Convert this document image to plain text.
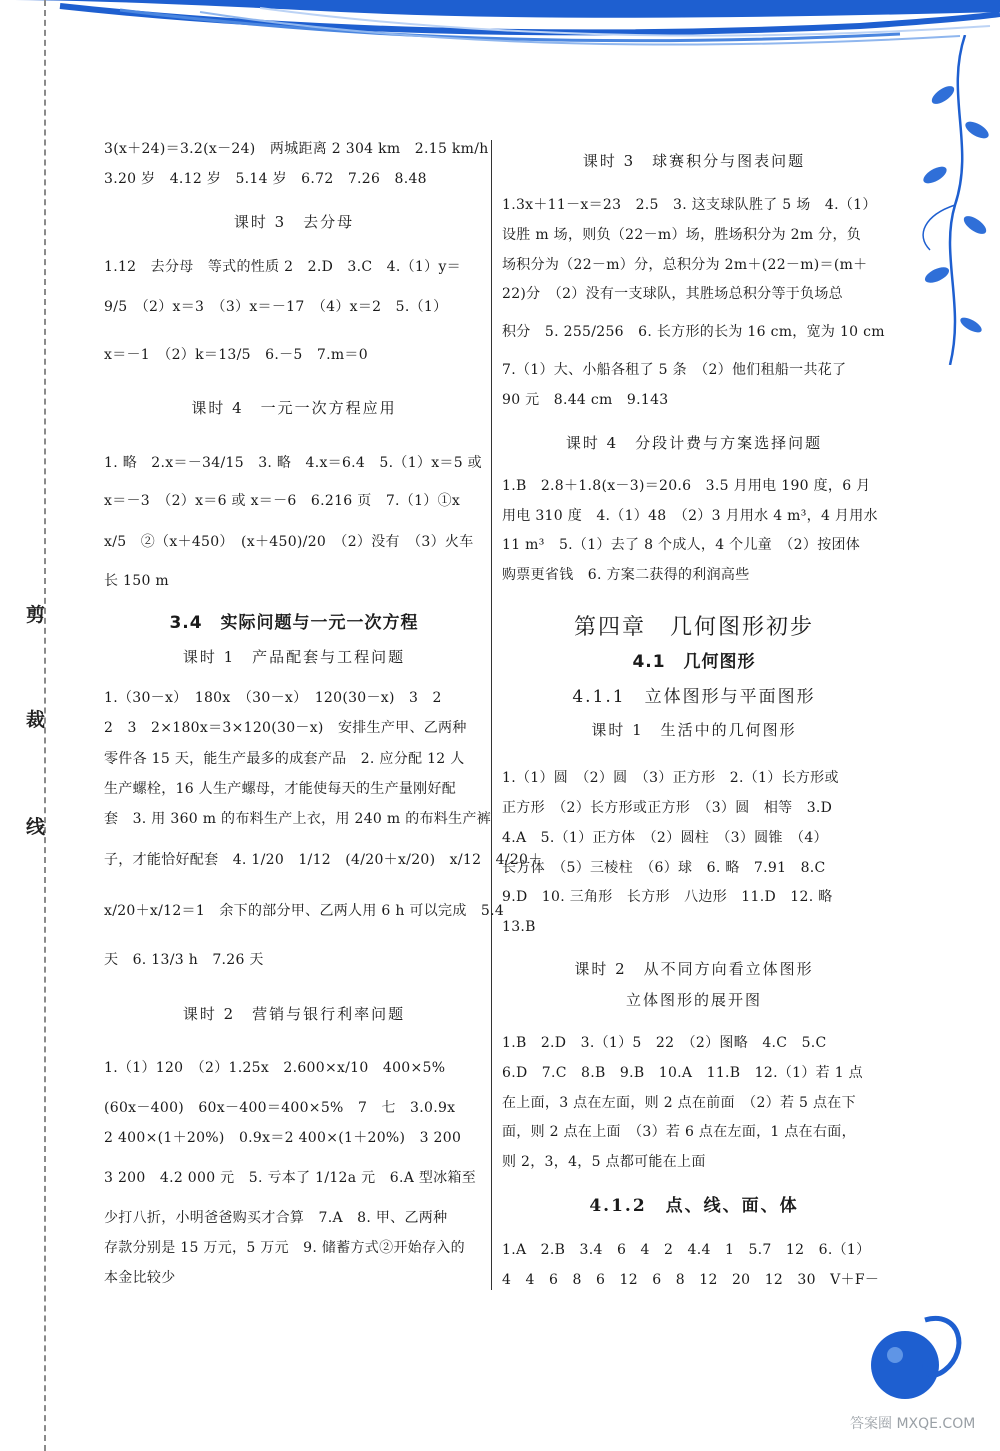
答案圈 MXQE.COM
剪
裁
线
3(x＋24)＝3.2(x－24)　两城距离 2 304 km　2.15 km/h
3.20 岁　4.12 岁　5.14 岁　6.72　7.26　8.48
课时 3　去分母
1.12　去分母　等式的性质 2　2.D　3.C　4.（1）y＝
9/5　（2）x＝3　（3）x＝－17　（4）x＝2　5.（1）
x＝－1　（2）k＝13/5　6.－5　7.m＝0
课时 4　一元一次方程应用
1. 略　2.x＝－34/15　3. 略　4.x＝6.4　5.（1）x＝5 或
x＝－3　（2）x＝6 或 x＝－6　6.216 页　7.（1）①x
x/5　②（x＋450）　(x＋450)/20　（2）没有　（3）火车
长 150 m
3.4　实际问题与一元一次方程
课时 1　产品配套与工程问题
1.（30－x）　180x　（30－x）　120(30－x)　3　2
2　3　2×180x＝3×120(30－x)　安排生产甲、乙两种
零件各 15 天，能生产最多的成套产品　2. 应分配 12 人
生产螺栓，16 人生产螺母，才能使每天的生产量刚好配
套　3. 用 360 m 的布料生产上衣，用 240 m 的布料生产裤
子，才能恰好配套　4. 1/20　1/12　(4/20＋x/20)　x/12　4/20＋
x/20＋x/12＝1　余下的部分甲、乙两人用 6 h 可以完成　5.4
天　6. 13/3 h　7.26 天
课时 2　营销与银行利率问题
1.（1）120　（2）1.25x　2.600×x/10　400×5%
(60x－400)　60x－400＝400×5%　7　七　3.0.9x
2 400×(1＋20%)　0.9x＝2 400×(1＋20%)　3 200
3 200　4.2 000 元　5. 亏本了 1/12a 元　6.A 型冰箱至
少打八折，小明爸爸购买才合算　7.A　8. 甲、乙两种
存款分别是 15 万元，5 万元　9. 储蓄方式②开始存入的
本金比较少
课时 3　球赛积分与图表问题
1.3x＋11－x＝23　2.5　3. 这支球队胜了 5 场　4.（1）
设胜 m 场，则负（22－m）场，胜场积分为 2m 分，负
场积分为（22－m）分，总积分为 2m＋(22－m)＝(m＋
22)分　（2）没有一支球队，其胜场总积分等于负场总
积分　5. 255/256　6. 长方形的长为 16 cm，宽为 10 cm
7.（1）大、小船各租了 5 条　（2）他们租船一共花了
90 元　8.44 cm　9.143
课时 4　分段计费与方案选择问题
1.B　2.8＋1.8(x－3)＝20.6　3.5 月用电 190 度，6 月
用电 310 度　4.（1）48　（2）3 月用水 4 m³，4 月用水
11 m³　5.（1）去了 8 个成人，4 个儿童　（2）按团体
购票更省钱　6. 方案二获得的利润高些
第四章　几何图形初步
4.1　几何图形
4.1.1　立体图形与平面图形
课时 1　生活中的几何图形
1.（1）圆　（2）圆　（3）正方形　2.（1）长方形或
正方形　（2）长方形或正方形　（3）圆　相等　3.D
4.A　5.（1）正方体　（2）圆柱　（3）圆锥　（4）
长方体　（5）三棱柱　（6）球　6. 略　7.91　8.C
9.D　10. 三角形　长方形　八边形　11.D　12. 略
13.B
课时 2　从不同方向看立体图形
立体图形的展开图
1.B　2.D　3.（1）5　22　（2）图略　4.C　5.C
6.D　7.C　8.B　9.B　10.A　11.B　12.（1）若 1 点
在上面，3 点在左面，则 2 点在前面　（2）若 5 点在下
面，则 2 点在上面　（3）若 6 点在左面，1 点在右面，
则 2，3，4，5 点都可能在上面
4.1.2　点、线、面、体
1.A　2.B　3.4　6　4　2　4.4　1　5.7　12　6.（1）
4　4　6　8　6　12　6　8　12　20　12　30　V＋F－
